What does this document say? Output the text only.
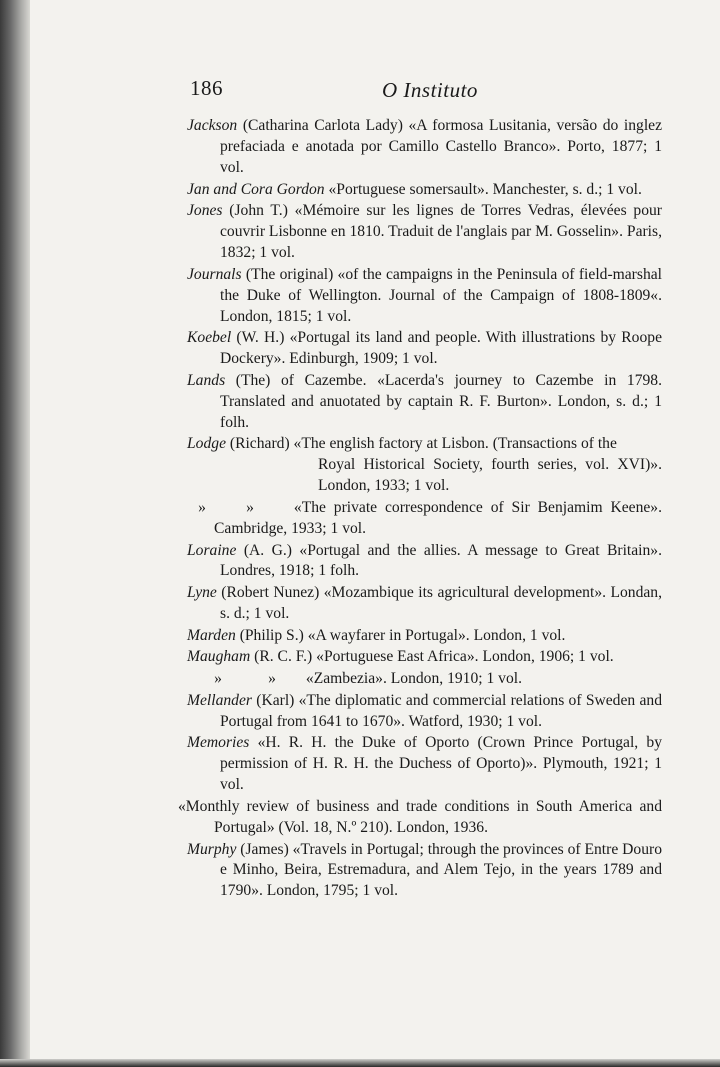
186	O Instituto

Jackson (Catharina Carlota Lady) «A formosa Lusitania, versão do inglez prefaciada e anotada por Camillo Castello Branco». Porto, 1877; 1 vol.

Jan and Cora Gordon «Portuguese somersault». Manchester, s. d.; 1 vol.

Jones (John T.) «Mémoire sur les lignes de Torres Vedras, élevées pour couvrir Lisbonne en 1810. Traduit de l'anglais par M. Gosselin». Paris, 1832; 1 vol.

Journals (The original) «of the campaigns in the Peninsula of field-marshal the Duke of Wellington. Journal of the Campaign of 1808-1809«. London, 1815; 1 vol.

Koebel (W. H.) «Portugal its land and people. With illustrations by Roope Dockery». Edinburgh, 1909; 1 vol.

Lands (The) of Cazembe. «Lacerda's journey to Cazembe in 1798. Translated and anuotated by captain R. F. Burton». London, s. d.; 1 folh.

Lodge (Richard) «The english factory at Lisbon. (Transactions of the

Royal Historical Society, fourth series, vol. XVI)». London, 1933; 1 vol.

»	»	«The private correspondence of Sir Benjamim Keene». Cambridge, 1933; 1 vol.

Loraine (A. G.) «Portugal and the allies. A message to Great Britain». Londres, 1918; 1 folh.

Lyne (Robert Nunez) «Mozambique its agricultural development». Londan, s. d.; 1 vol.

Marden (Philip S.) «A wayfarer in Portugal». London, 1 vol.

Maugham (R. C. F.) «Portuguese East Africa». London, 1906; 1 vol.

»	» «Zambezia». London, 1910; 1 vol.

Mellander (Karl) «The diplomatic and commercial relations of Sweden and Portugal from 1641 to 1670». Watford, 1930; 1 vol.

Memories «H. R. H. the Duke of Oporto (Crown Prince Portugal, by permission of H. R. H. the Duchess of Oporto)». Plymouth, 1921; 1 vol.

«Monthly review of business and trade conditions in South America and Portugal» (Vol. 18, N.º 210). London, 1936.

Murphy (James) «Travels in Portugal; through the provinces of Entre Douro e Minho, Beira, Estremadura, and Alem Tejo, in the years 1789 and 1790». London, 1795; 1 vol.
